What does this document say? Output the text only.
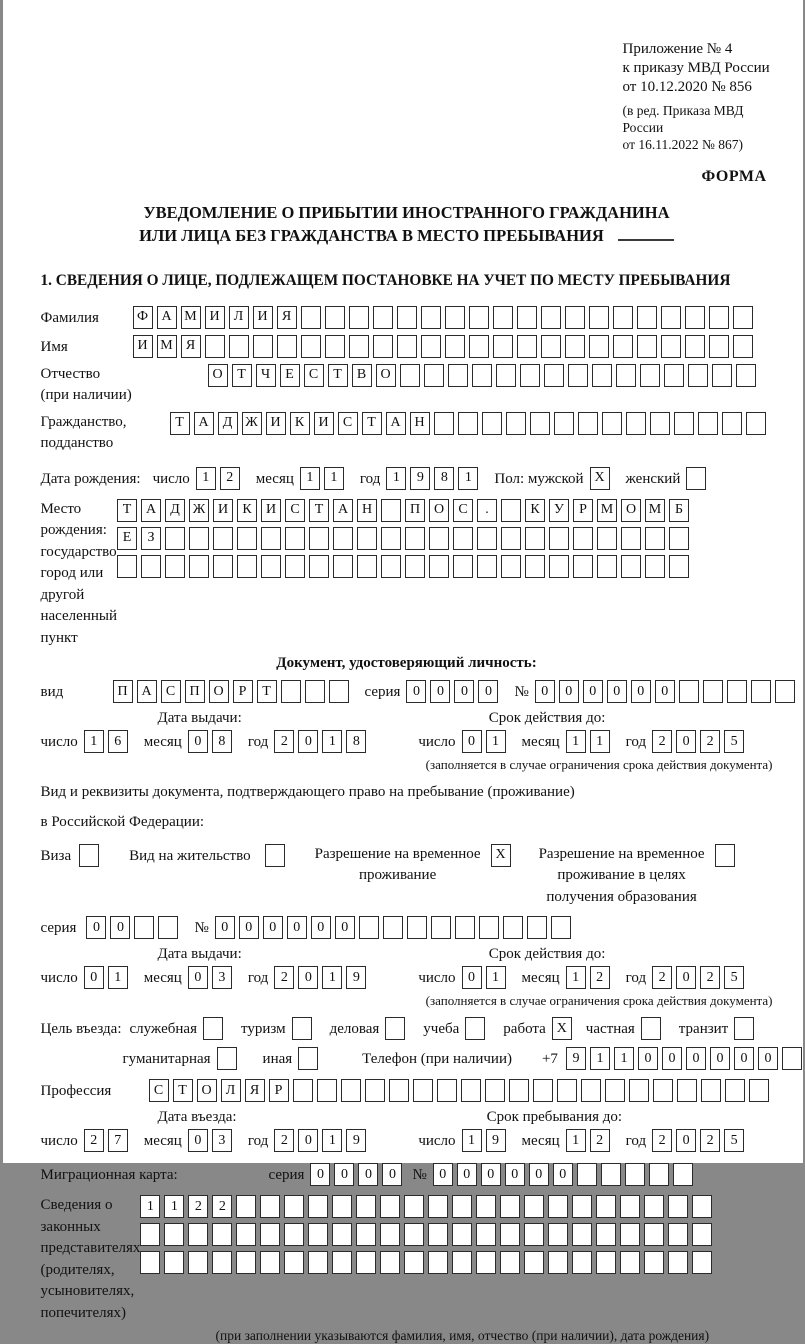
Приложение № 4
к приказу МВД России
от 10.12.2020 № 856
(в ред. Приказа МВД России
от 16.11.2022 № 867)
ФОРМА
УВЕДОМЛЕНИЕ О ПРИБЫТИИ ИНОСТРАННОГО ГРАЖДАНИНА
ИЛИ ЛИЦА БЕЗ ГРАЖДАНСТВА В МЕСТО ПРЕБЫВАНИЯ
1. СВЕДЕНИЯ О ЛИЦЕ, ПОДЛЕЖАЩЕМ ПОСТАНОВКЕ НА УЧЕТ ПО МЕСТУ ПРЕБЫВАНИЯ
Фамилия	Ф А М И	Л	И	Я
Имя	И М Я
Отчество
(при наличии)
О	Т	Ч	Е	С	Т	В	О
Гражданство,
подданство
Т	А	Д Ж И	К	И	С	Т	А Н
Дата рождения: число 1	2	месяц 1	1	год 1	9	8	1	Пол: мужской X	женский
Место рождения:
государство
город или другой
населенный пункт
Т	А	Д Ж И	К	И	С	Т	А Н	П О	С	.	К	У	Р М О М Б

Е	З

Документ, удостоверяющий личность:
вид	П А	С	П О	Р	Т	серия 0	0	0	0	№ 0	0	0	0	0	0
Дата выдачи:	Срок действия до:
число 1	6	месяц 0	8	год 2	0	1	8	число 0	1	месяц 1	1	год 2	0	2	5
(заполняется в случае ограничения срока действия документа)
Вид и реквизиты документа, подтверждающего право на пребывание (проживание)
в Российской Федерации:
Виза	Вид на жительство	Разрешение на временное
проживание
X	Разрешение на временное
проживание в целях
получения образования
серия	0	0	№ 0	0	0	0	0	0
Дата выдачи:	Срок действия до:
число 0	1	месяц 0	3	год 2	0	1	9	число 0	1	месяц 1	2	год 2	0	2	5
(заполняется в случае ограничения срока действия документа)
Цель въезда: служебная	туризм	деловая	учеба	работа X	частная	транзит
гуманитарная	иная	Телефон (при наличии) +7	9	1	1	0	0	0	0	0	0
Профессия	С	Т	О	Л	Я	Р
Дата въезда:	Срок пребывания до:
число 2	7	месяц 0	3	год 2	0	1	9	число 1	9	месяц 1	2	год 2	0	2	5
Миграционная карта:	серия 0	0	0	0	№ 0	0	0	0	0	0
Сведения о
законных
представителях
(родителях,
усыновителях,
попечителях)
1	1	2	2

(при заполнении указываются фамилия, имя, отчество (при наличии), дата рождения)
